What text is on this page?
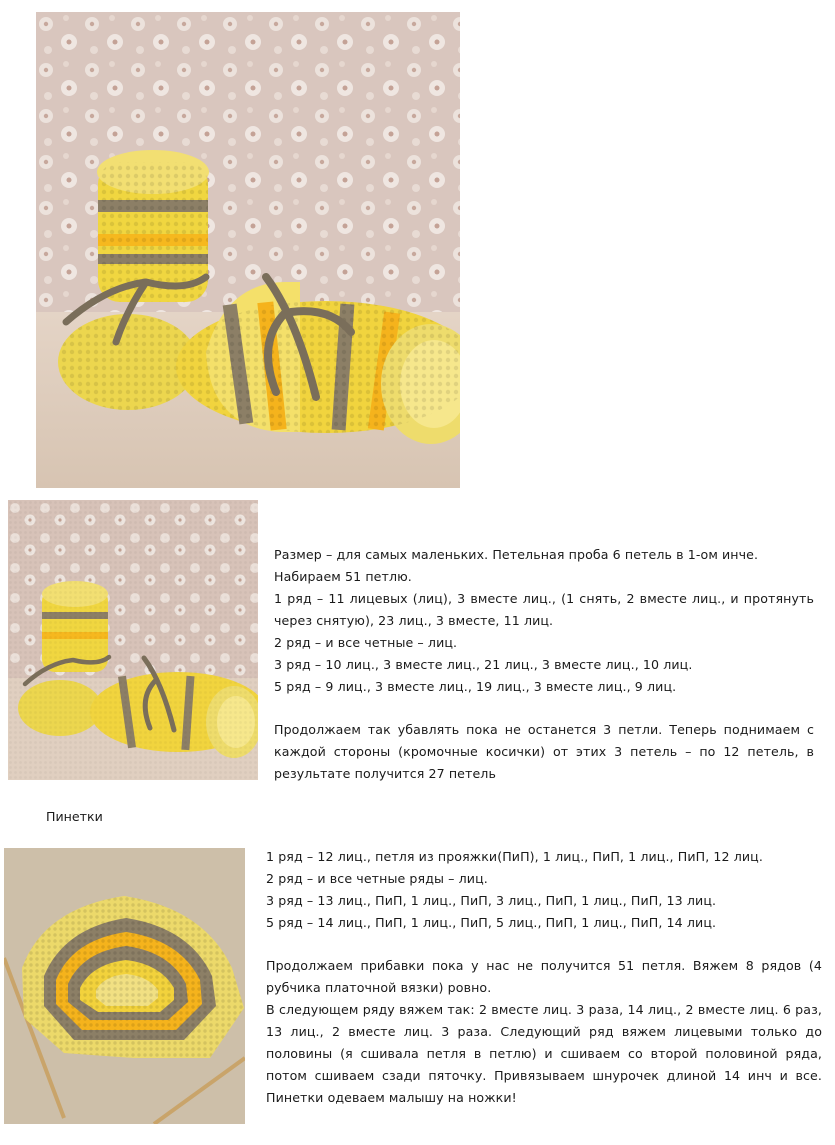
Размер – для самых маленьких. Петельная проба 6 петель в 1-ом инче.

Набираем 51 петлю.

1 ряд – 11 лицевых (лиц), 3 вместе лиц., (1 снять, 2 вместе лиц., и протянуть через снятую), 23 лиц., 3 вместе, 11 лиц.

2 ряд – и все четные – лиц.

3 ряд – 10 лиц., 3 вместе лиц., 21 лиц., 3 вместе лиц., 10 лиц.

5 ряд – 9 лиц., 3 вместе лиц., 19 лиц., 3 вместе лиц., 9 лиц.

Продолжаем так убавлять пока не останется 3 петли. Теперь поднимаем с каждой стороны (кромочные косички) от этих 3 петель – по 12 петель, в результате получится 27 петель

Пинетки

1 ряд – 12 лиц., петля из прояжки(ПиП), 1 лиц., ПиП, 1 лиц., ПиП, 12 лиц.

2 ряд – и все четные ряды – лиц.

3 ряд – 13 лиц., ПиП, 1 лиц., ПиП, 3 лиц., ПиП, 1 лиц., ПиП, 13 лиц.

5 ряд – 14 лиц., ПиП, 1 лиц., ПиП, 5 лиц., ПиП, 1 лиц., ПиП, 14 лиц.

Продолжаем прибавки пока у нас не получится 51 петля. Вяжем 8 рядов (4 рубчика платочной вязки) ровно.

В следующем ряду вяжем так: 2 вместе лиц. 3 раза, 14 лиц., 2 вместе лиц. 6 раз, 13 лиц., 2 вместе лиц. 3 раза. Следующий ряд вяжем лицевыми только до половины (я сшивала петля в петлю) и сшиваем со второй половиной ряда, потом сшиваем сзади пяточку. Привязываем шнурочек длиной 14 инч и все. Пинетки одеваем малышу на ножки!
